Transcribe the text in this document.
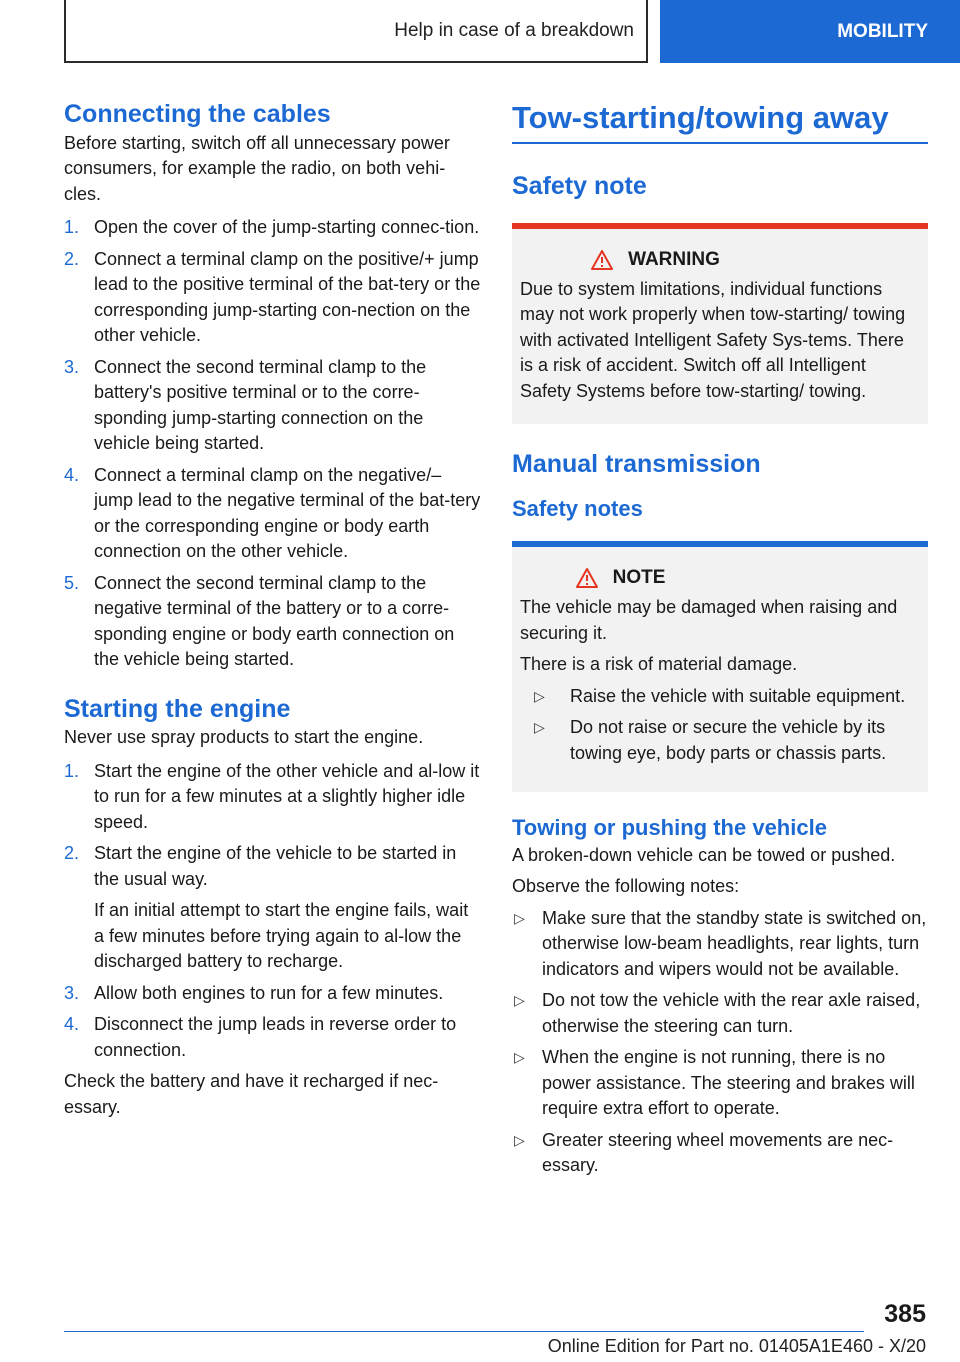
Help in case of a breakdown	MOBILITY
Connecting the cables

Before starting, switch off all unnecessary power consumers, for example the radio, on both vehi-cles.

1. Open the cover of the jump-starting connec-tion.
2. Connect a terminal clamp on the positive/+ jump lead to the positive terminal of the bat-tery or the corresponding jump-starting con-nection on the other vehicle.
3. Connect the second terminal clamp to the battery's positive terminal or to the corre-sponding jump-starting connection on the vehicle being started.
4. Connect a terminal clamp on the negative/– jump lead to the negative terminal of the bat-tery or the corresponding engine or body earth connection on the other vehicle.
5. Connect the second terminal clamp to the negative terminal of the battery or to a corre-sponding engine or body earth connection on the vehicle being started.
Starting the engine

Never use spray products to start the engine.

1. Start the engine of the other vehicle and al-low it to run for a few minutes at a slightly higher idle speed.
2. Start the engine of the vehicle to be started in the usual way.
If an initial attempt to start the engine fails, wait a few minutes before trying again to al-low the discharged battery to recharge.
3. Allow both engines to run for a few minutes.
4. Disconnect the jump leads in reverse order to connection.

Check the battery and have it recharged if nec-essary.

Tow-starting/towing away
Safety note
WARNING

Due to system limitations, individual functions may not work properly when tow-starting/ towing with activated Intelligent Safety Sys-tems. There is a risk of accident. Switch off all Intelligent Safety Systems before tow-starting/ towing.

Manual transmission
Safety notes
NOTE

The vehicle may be damaged when raising and securing it.

There is a risk of material damage.

▷	Raise the vehicle with suitable equipment.
▷	Do not raise or secure the vehicle by its towing eye, body parts or chassis parts.
Towing or pushing the vehicle

A broken-down vehicle can be towed or pushed.

Observe the following notes:

▷ Make sure that the standby state is switched on, otherwise low-beam headlights, rear lights, turn indicators and wipers would not be available.
▷ Do not tow the vehicle with the rear axle raised, otherwise the steering can turn.
▷ When the engine is not running, there is no power assistance. The steering and brakes will require extra effort to operate.
▷ Greater steering wheel movements are nec-essary.
385
Online Edition for Part no. 01405A1E460 - X/20
